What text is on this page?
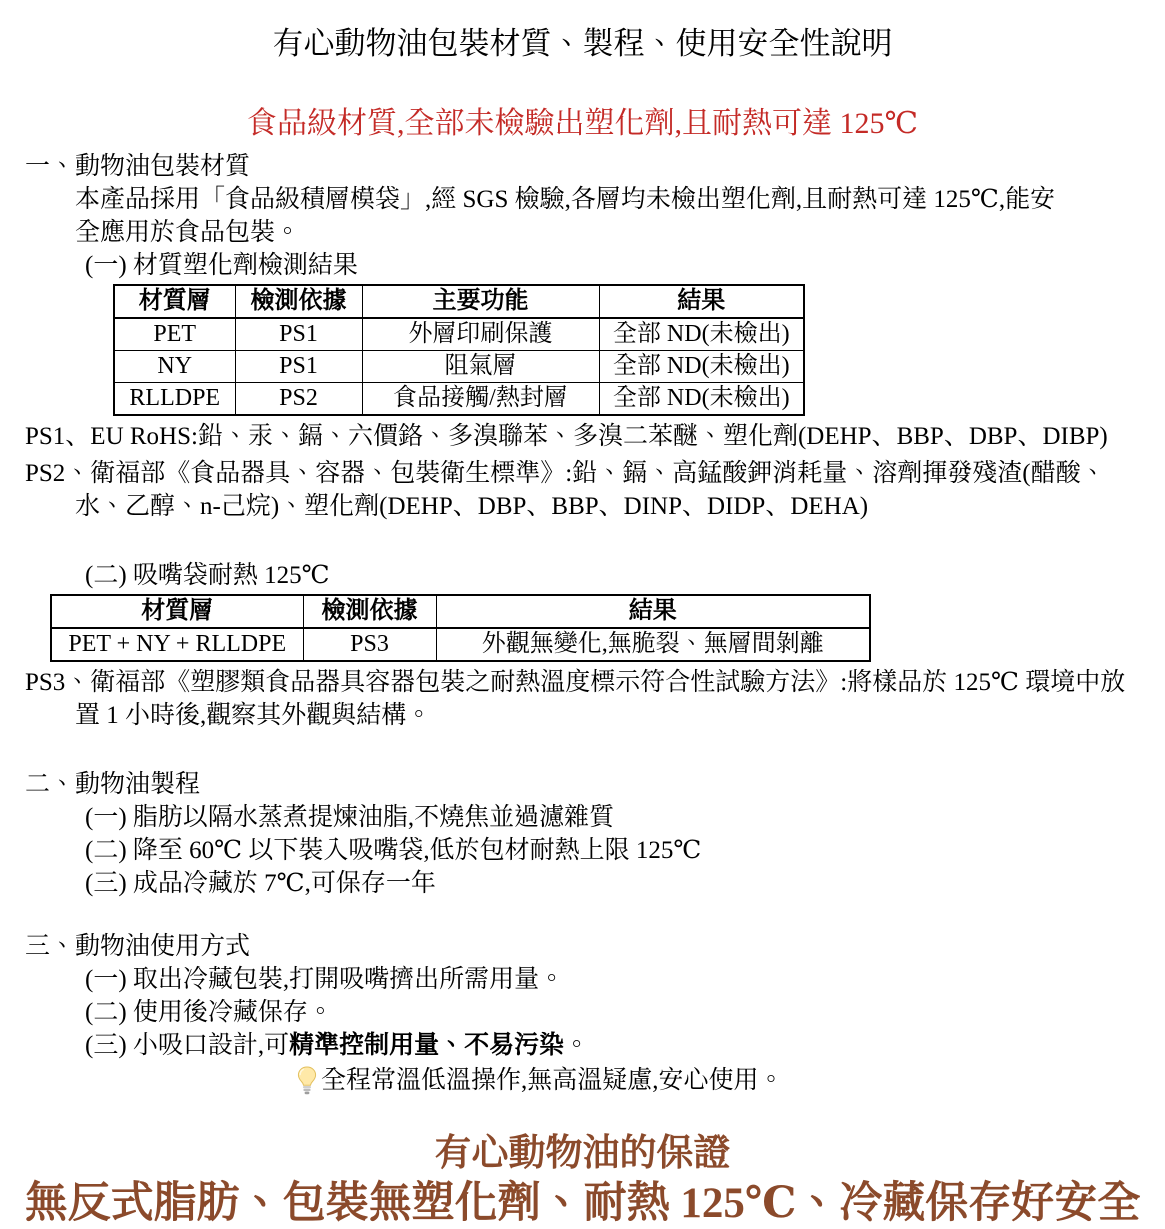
有心動物油包裝材質、製程、使用安全性說明
食品級材質,全部未檢驗出塑化劑,且耐熱可達 125℃
一、動物油包裝材質
本產品採用「食品級積層模袋」,經 SGS 檢驗,各層均未檢出塑化劑,且耐熱可達 125℃,能安
全應用於食品包裝。
(一) 材質塑化劑檢測結果
材質層	檢測依據	主要功能	結果
PET	PS1	外層印刷保護	全部 ND(未檢出)
NY	PS1	阻氣層	全部 ND(未檢出)
RLLDPE	PS2	食品接觸/熱封層	全部 ND(未檢出)
PS1、EU RoHS:鉛、汞、鎘、六價鉻、多溴聯苯、多溴二苯醚、塑化劑(DEHP、BBP、DBP、DIBP)
PS2、衛福部《食品器具、容器、包裝衛生標準》:鉛、鎘、高錳酸鉀消耗量、溶劑揮發殘渣(醋酸、
水、乙醇、n-己烷)、塑化劑(DEHP、DBP、BBP、DINP、DIDP、DEHA)
(二) 吸嘴袋耐熱 125℃
材質層	檢測依據	結果
PET + NY + RLLDPE	PS3	外觀無變化,無脆裂、無層間剝離
PS3、衛福部《塑膠類食品器具容器包裝之耐熱溫度標示符合性試驗方法》:將樣品於 125℃ 環境中放
置 1 小時後,觀察其外觀與結構。
二、動物油製程
(一) 脂肪以隔水蒸煮提煉油脂,不燒焦並過濾雜質
(二) 降至 60℃ 以下裝入吸嘴袋,低於包材耐熱上限 125℃
(三) 成品冷藏於 7℃,可保存一年
三、動物油使用方式
(一) 取出冷藏包裝,打開吸嘴擠出所需用量。
(二) 使用後冷藏保存。
(三) 小吸口設計,可精準控制用量、不易污染。
全程常溫低溫操作,無高溫疑慮,安心使用。
有心動物油的保證
無反式脂肪、包裝無塑化劑、耐熱 125℃、冷藏保存好安全
